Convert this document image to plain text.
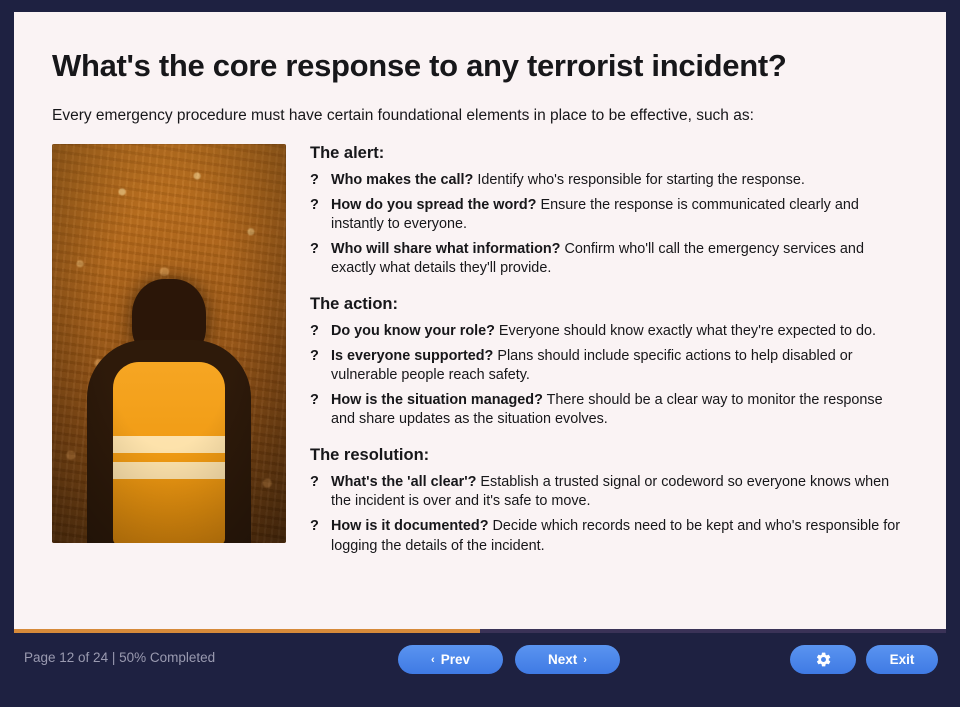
What's the core response to any terrorist incident?

Every emergency procedure must have certain foundational elements in place to be effective, such as:

The alert:
? Who makes the call? Identify who's responsible for starting the response.
? How do you spread the word? Ensure the response is communicated clearly and instantly to everyone.
? Who will share what information? Confirm who'll call the emergency services and exactly what details they'll provide.
The action:
? Do you know your role? Everyone should know exactly what they're expected to do.
? Is everyone supported? Plans should include specific actions to help disabled or vulnerable people reach safety.
? How is the situation managed? There should be a clear way to monitor the response and share updates as the situation evolves.
The resolution:
? What's the 'all clear'? Establish a trusted signal or codeword so everyone knows when the incident is over and it's safe to move.
? How is it documented? Decide which records need to be kept and who's responsible for logging the details of the incident.
Page 12 of 24 | 50% Completed	‹ Prev	Next ›	Exit
